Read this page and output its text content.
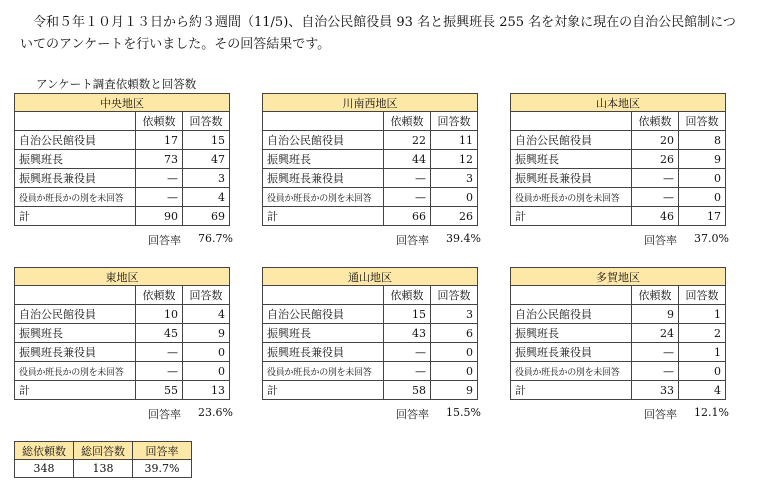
令和５年１０月１３日から約３週間（11/5)、自治公民館役員 93 名と振興班長 255 名を対象に現在の自治公民館制についてのアンケートを行いました。その回答結果です。
アンケート調査依頼数と回答数
中央地区		
	依頼数	回答数
自治公民館役員	17	15
振興班長	73	47
振興班長兼役員	—	3
役員か班長かの別を未回答	—	4
計	90	69
回答率 76.7%
川南西地区		
	依頼数	回答数
自治公民館役員	22	11
振興班長	44	12
振興班長兼役員	—	3
役員か班長かの別を未回答	—	0
計	66	26
回答率 39.4%
山本地区		
	依頼数	回答数
自治公民館役員	20	8
振興班長	26	9
振興班長兼役員	—	0
役員か班長かの別を未回答	—	0
計	46	17
回答率 37.0%
東地区		
	依頼数	回答数
自治公民館役員	10	4
振興班長	45	9
振興班長兼役員	—	0
役員か班長かの別を未回答	—	0
計	55	13
回答率 23.6%
通山地区		
	依頼数	回答数
自治公民館役員	15	3
振興班長	43	6
振興班長兼役員	—	0
役員か班長かの別を未回答	—	0
計	58	9
回答率 15.5%
多賀地区		
	依頼数	回答数
自治公民館役員	9	1
振興班長	24	2
振興班長兼役員	—	1
役員か班長かの別を未回答	—	0
計	33	4
回答率 12.1%
総依頼数	総回答数	回答率
348	138	39.7%
